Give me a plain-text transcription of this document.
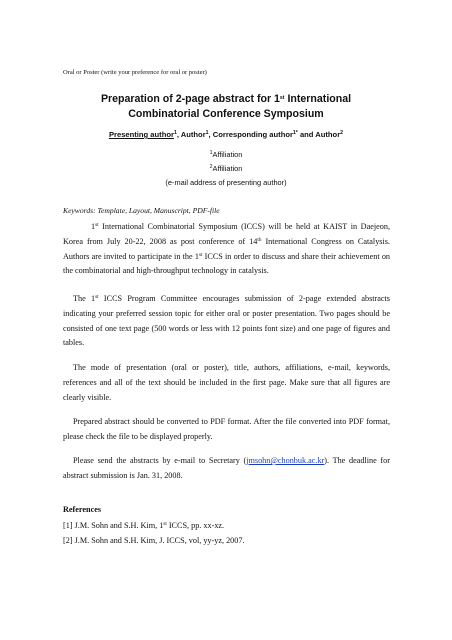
Oral or Poster (write your preference for oral or poster)
Preparation of 2-page abstract for 1st International
Combinatorial Conference Symposium
Presenting author$^1$, Author$^1$, Corresponding author$^{1*}$ and Author$^2$
$^1$Affiliation
$^2$Affiliation
(e-mail address of presenting author)
Keywords: Template, Layout, Manuscript, PDF-file

1st International Combinatorial Symposium (ICCS) will be held at KAIST in Daejeon, Korea from July 20-22, 2008 as post conference of 14th International Congress on Catalysis. Authors are invited to participate in the 1st ICCS in order to discuss and share their achievement on the combinatorial and high-throughput technology in catalysis.

The 1st ICCS Program Committee encourages submission of 2-page extended abstracts indicating your preferred session topic for either oral or poster presentation. Two pages should be consisted of one text page (500 words or less with 12 points font size) and one page of figures and tables.

The mode of presentation (oral or poster), title, authors, affiliations, e-mail, keywords, references and all of the text should be included in the first page. Make sure that all figures are clearly visible.

Prepared abstract should be converted to PDF format. After the file converted into PDF format, please check the file to be displayed properly.

Please send the abstracts by e-mail to Secretary (jmsohn@chonbuk.ac.kr). The deadline for abstract submission is Jan. 31, 2008.

References
[1] J.M. Sohn and S.H. Kim, 1st ICCS, pp. xx-xz.
[2] J.M. Sohn and S.H. Kim, J. ICCS, vol, yy-yz, 2007.
